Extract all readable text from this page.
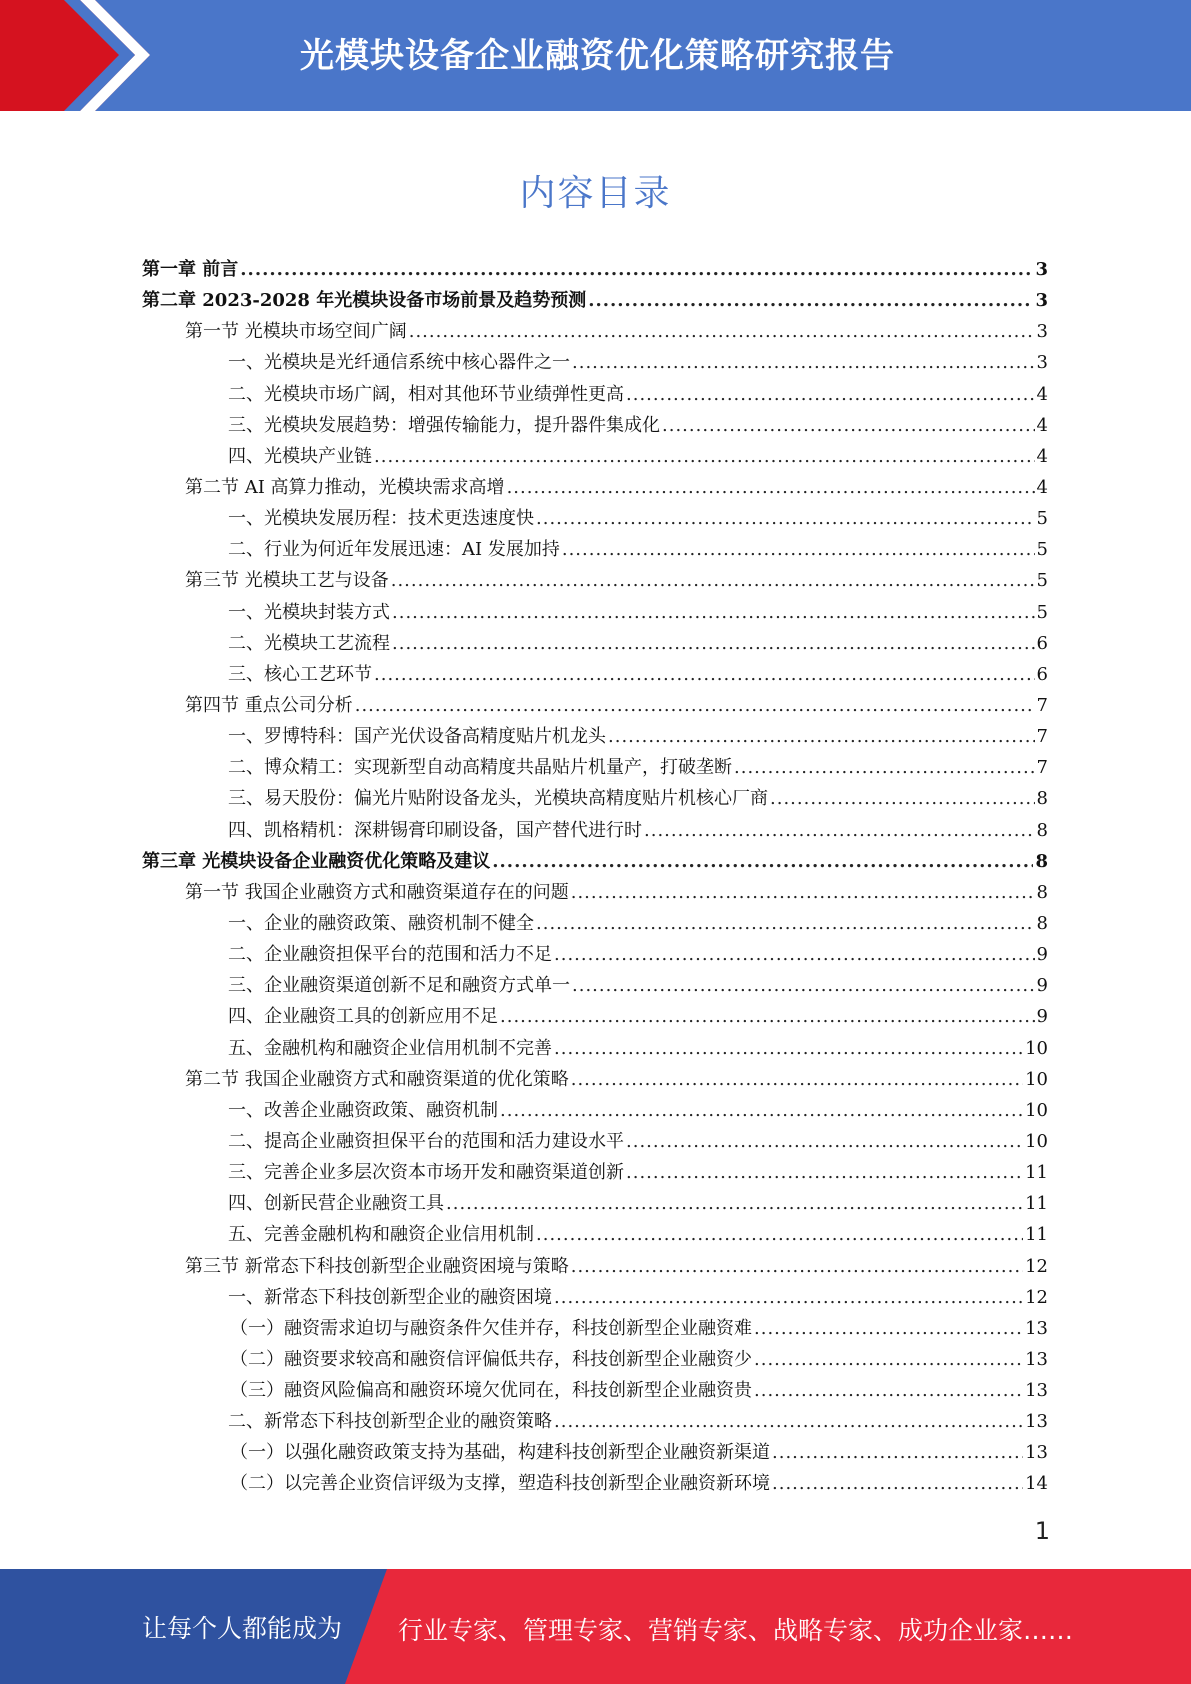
光模块设备企业融资优化策略研究报告
内容目录
第一章 前言 .....	3
第二章 2023-2028 年光模块设备市场前景及趋势预测 .....	3
第一节 光模块市场空间广阔 .....	3
一、光模块是光纤通信系统中核心器件之一 .....	3
二、光模块市场广阔，相对其他环节业绩弹性更高 .....	4
三、光模块发展趋势：增强传输能力，提升器件集成化 .....	4
四、光模块产业链 .....	4
第二节 AI 高算力推动，光模块需求高增 .....	4
一、光模块发展历程：技术更迭速度快 .....	5
二、行业为何近年发展迅速：AI 发展加持 .....	5
第三节 光模块工艺与设备 .....	5
一、光模块封装方式 .....	5
二、光模块工艺流程 .....	6
三、核心工艺环节 .....	6
第四节 重点公司分析 .....	7
一、罗博特科：国产光伏设备高精度贴片机龙头 .....	7
二、博众精工：实现新型自动高精度共晶贴片机量产，打破垄断 .....	7
三、易天股份：偏光片贴附设备龙头，光模块高精度贴片机核心厂商 .....	8
四、凯格精机：深耕锡膏印刷设备，国产替代进行时 .....	8
第三章 光模块设备企业融资优化策略及建议 .....	8
第一节 我国企业融资方式和融资渠道存在的问题 .....	8
一、企业的融资政策、融资机制不健全 .....	8
二、企业融资担保平台的范围和活力不足 .....	9
三、企业融资渠道创新不足和融资方式单一 .....	9
四、企业融资工具的创新应用不足 .....	9
五、金融机构和融资企业信用机制不完善 .....	10
第二节 我国企业融资方式和融资渠道的优化策略 .....	10
一、改善企业融资政策、融资机制 .....	10
二、提高企业融资担保平台的范围和活力建设水平 .....	10
三、完善企业多层次资本市场开发和融资渠道创新 .....	11
四、创新民营企业融资工具 .....	11
五、完善金融机构和融资企业信用机制 .....	11
第三节 新常态下科技创新型企业融资困境与策略 .....	12
一、新常态下科技创新型企业的融资困境 .....	12
（一）融资需求迫切与融资条件欠佳并存，科技创新型企业融资难 .....	13
（二）融资要求较高和融资信评偏低共存，科技创新型企业融资少 .....	13
（三）融资风险偏高和融资环境欠优同在，科技创新型企业融资贵 .....	13
二、新常态下科技创新型企业的融资策略 .....	13
（一）以强化融资政策支持为基础，构建科技创新型企业融资新渠道 .....	13
（二）以完善企业资信评级为支撑，塑造科技创新型企业融资新环境 .....	14
1
让每个人都能成为 行业专家、管理专家、营销专家、战略专家、成功企业家……
